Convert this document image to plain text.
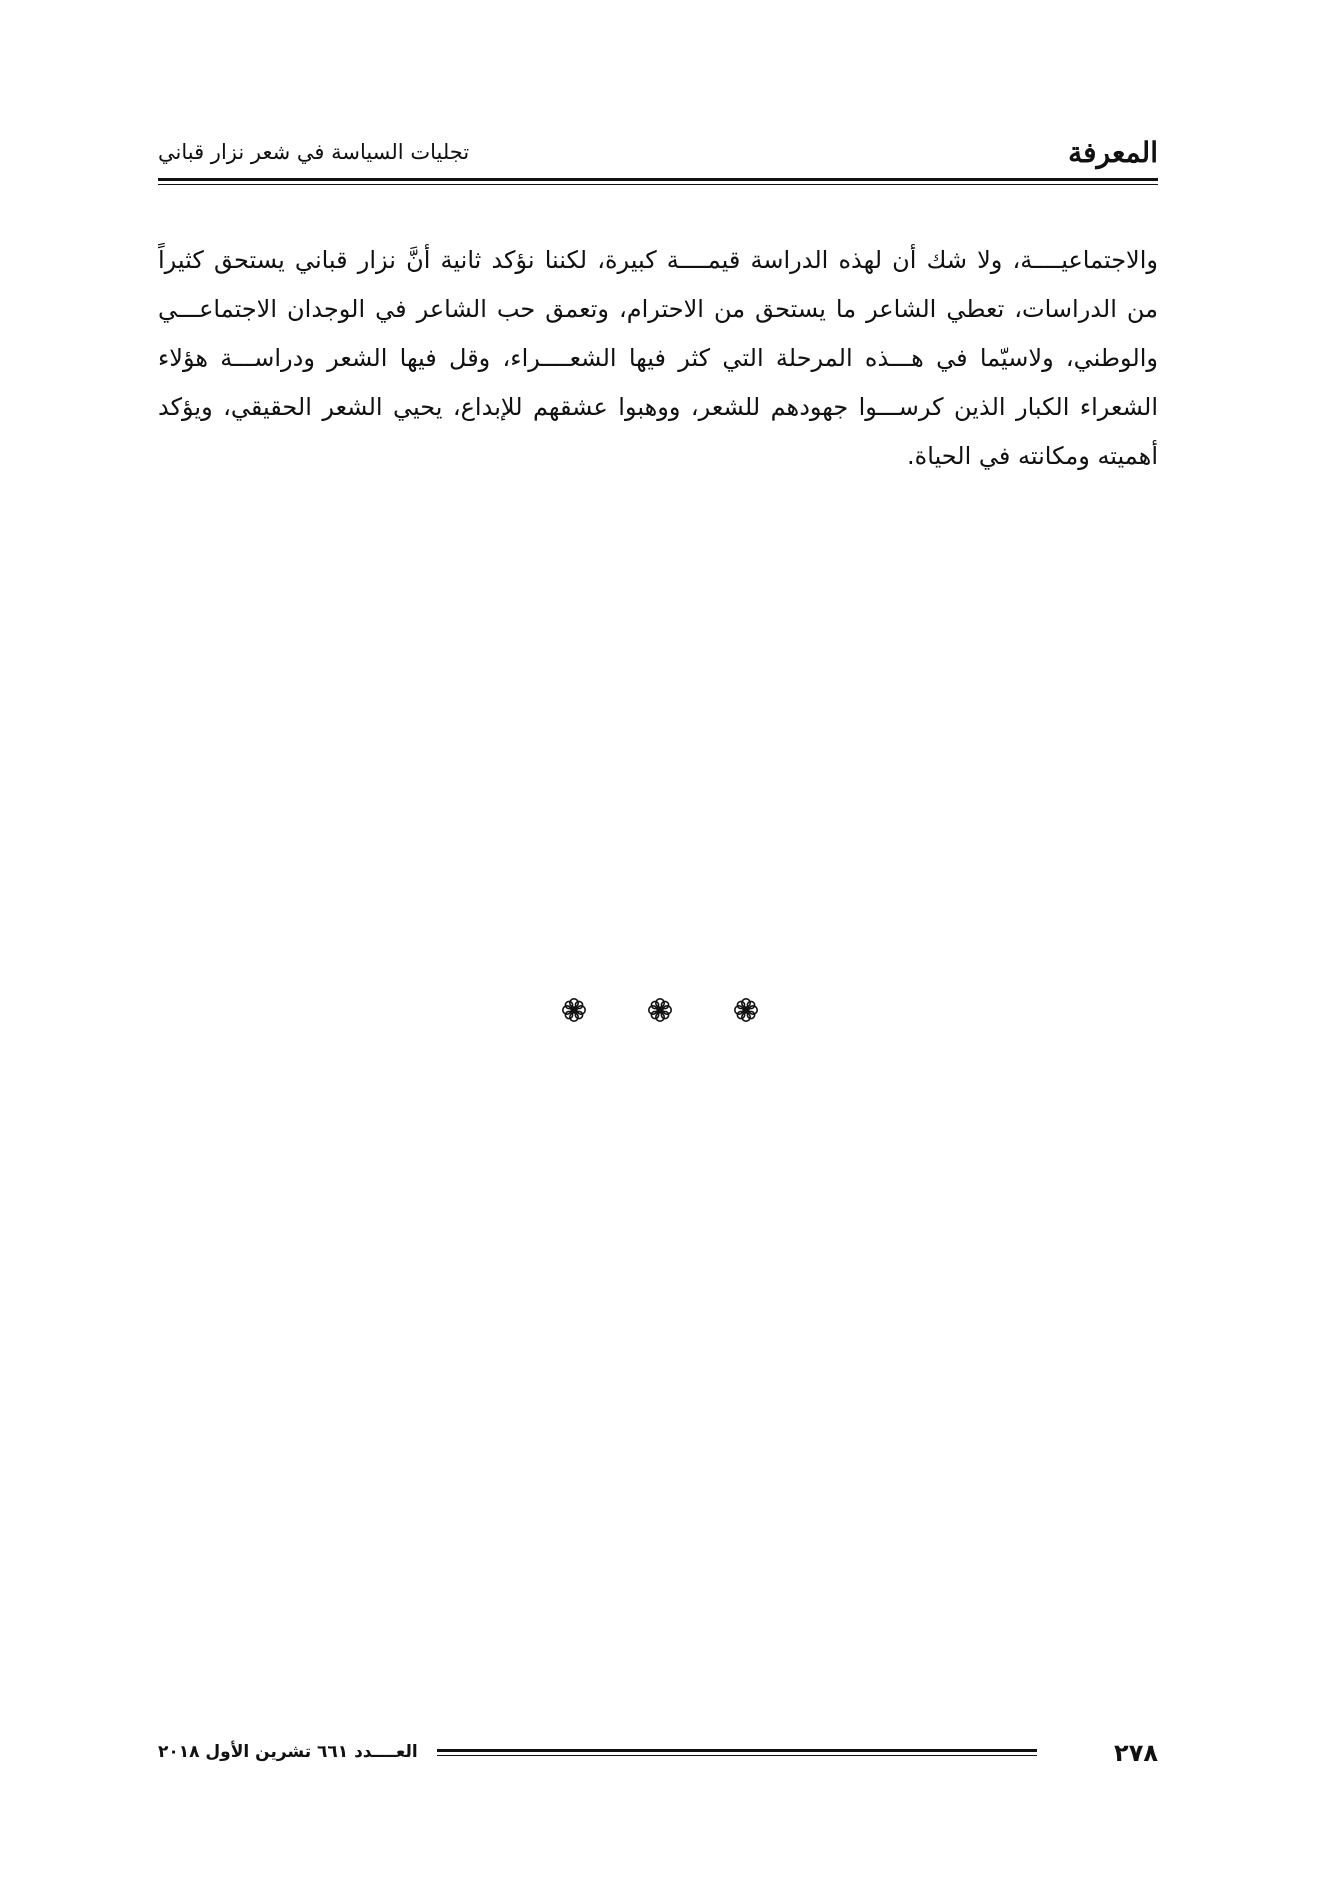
المعرفة
تجليات السياسة في شعر نزار قباني

والاجتماعيــــة، ولا شك أن لهذه الدراسة قيمــــة كبيرة، لكننا نؤكد ثانية أنَّ نزار قباني يستحق كثيراً من الدراسات، تعطي الشاعر ما يستحق من الاحترام، وتعمق حب الشاعر في الوجدان الاجتماعـــي والوطني، ولاسيّما في هـــذه المرحلة التي كثر فيها الشعــــراء، وقل فيها الشعر ودراســـة هؤلاء الشعراء الكبار الذين كرســـوا جهودهم للشعر، ووهبوا عشقهم للإبداع، يحيي الشعر الحقيقي، ويؤكد أهميته ومكانته في الحياة.

٢٧٨
العــــدد ٦٦١ تشرين الأول ٢٠١٨
